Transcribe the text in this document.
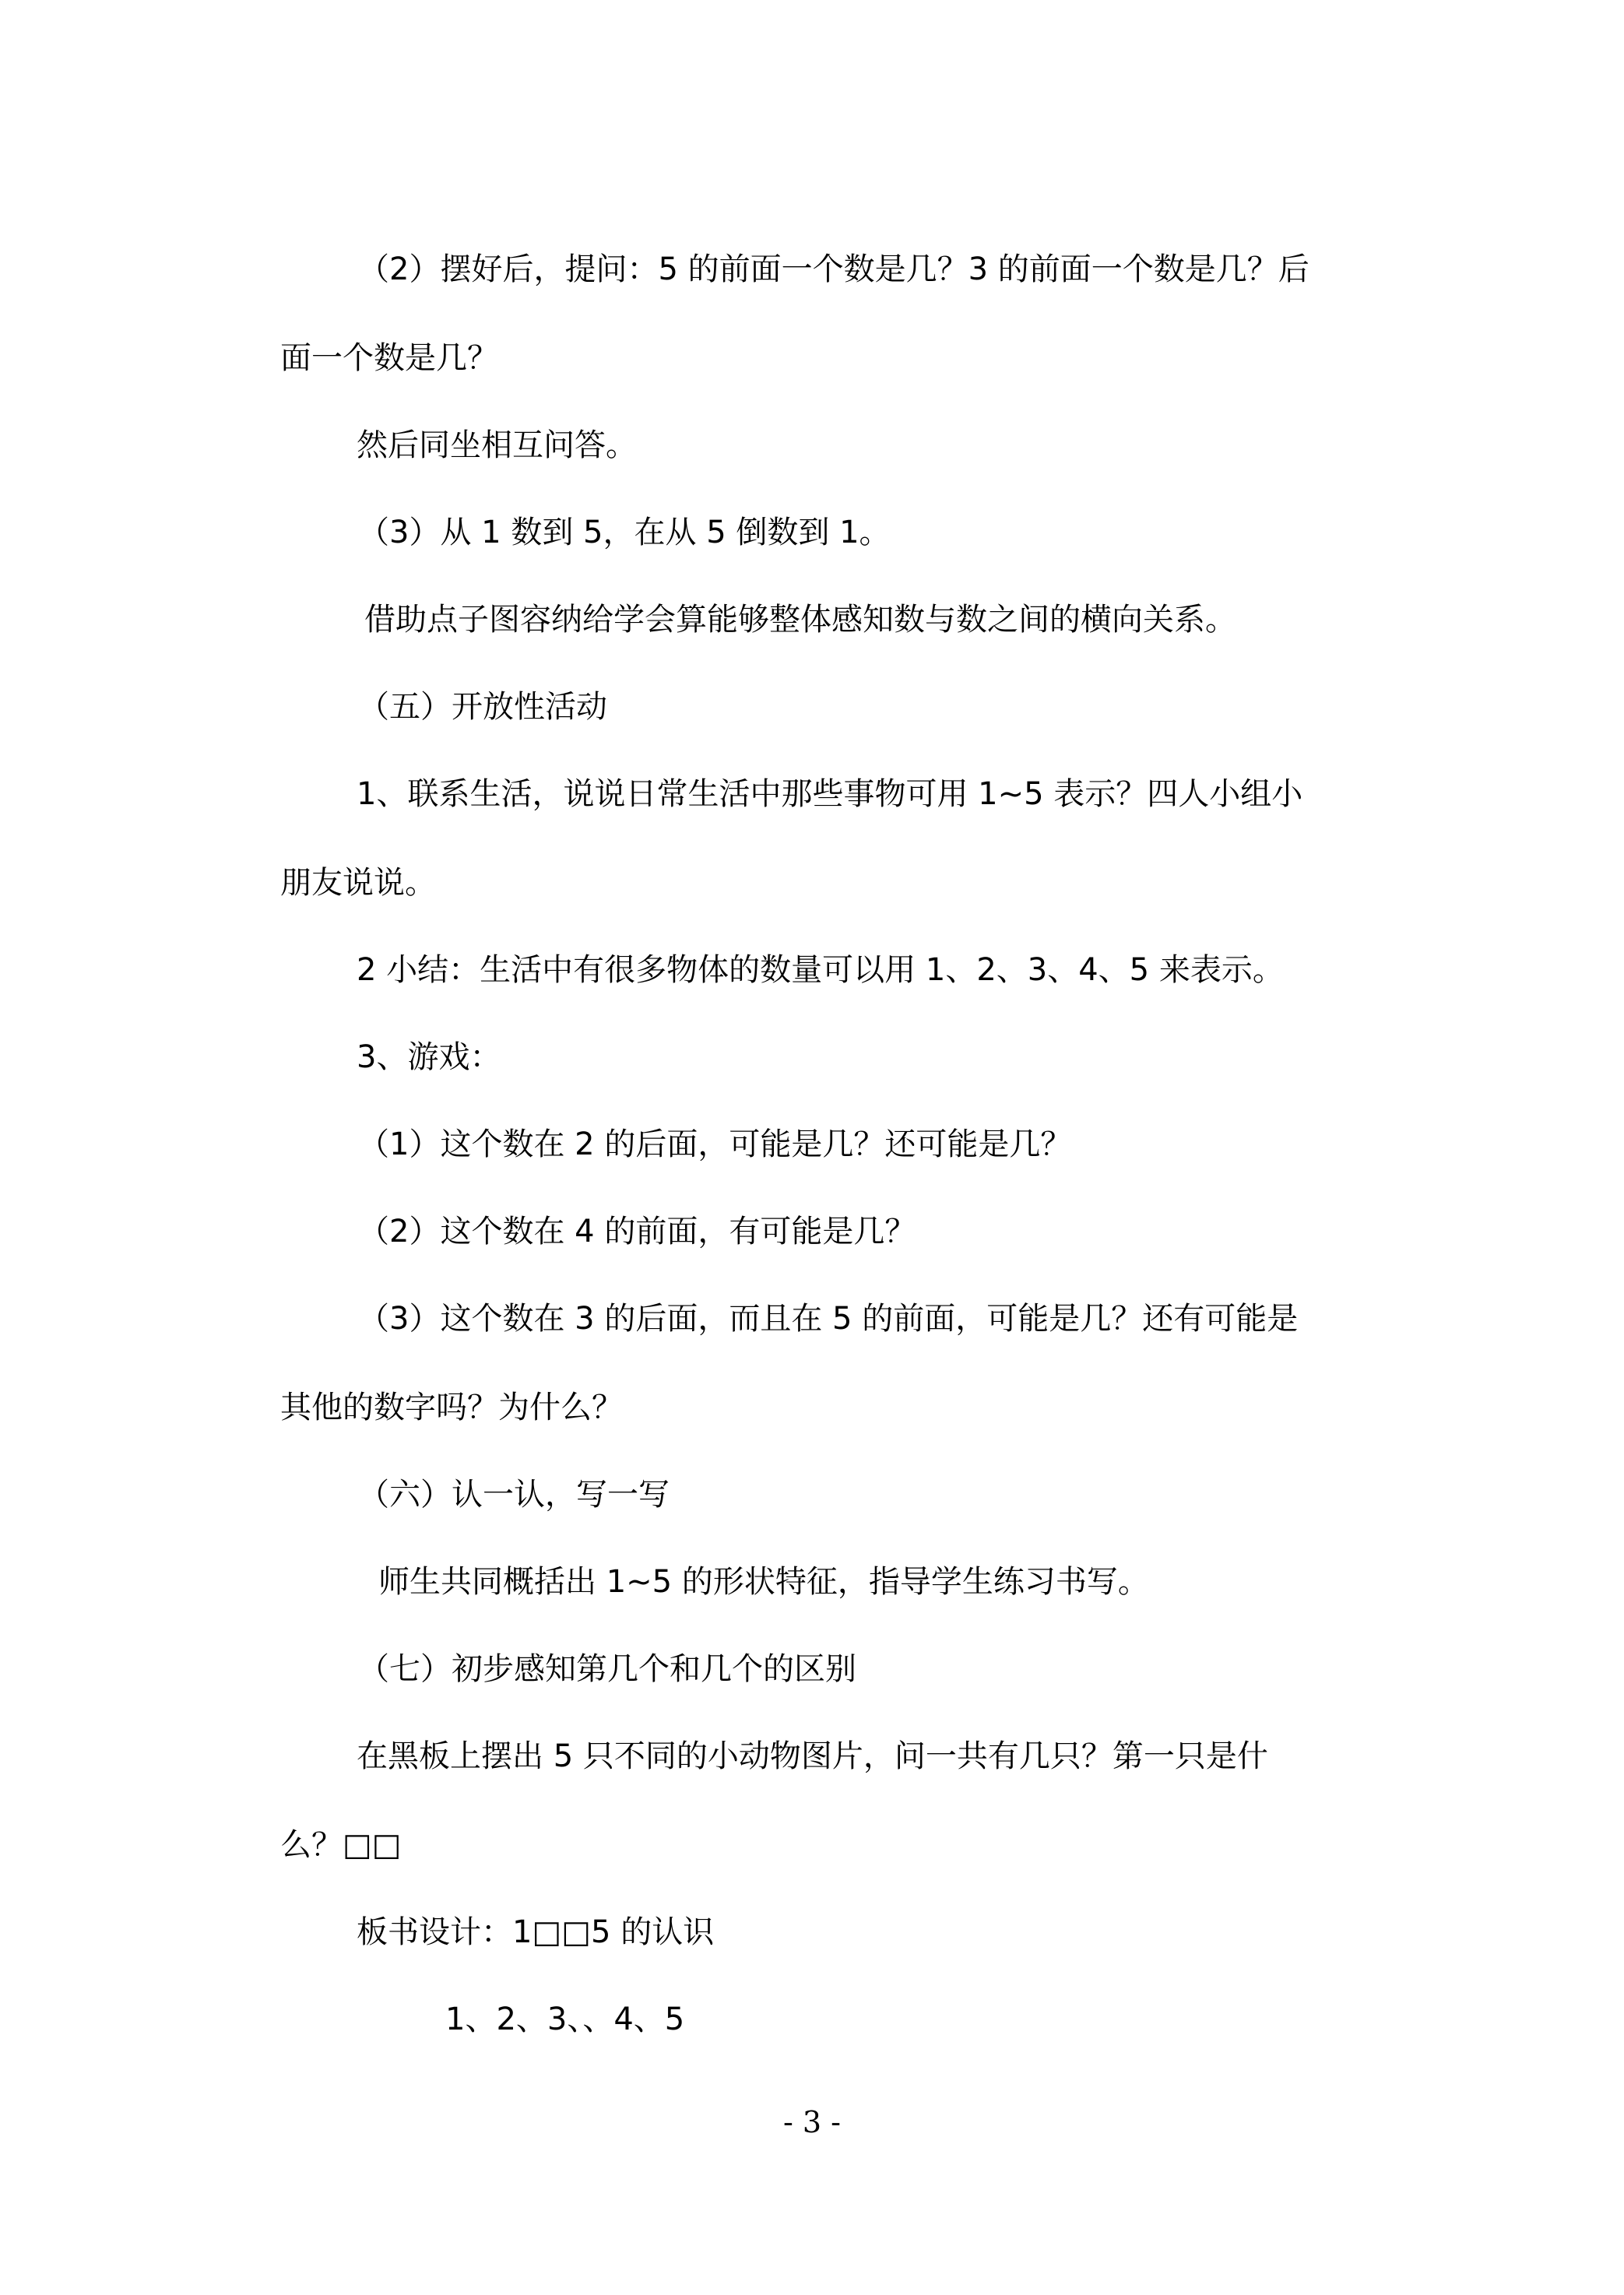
（2）摆好后，提问：5 的前面一个数是几？3 的前面一个数是几？后
面一个数是几？
然后同坐相互问答。
（3）从 1 数到 5，在从 5 倒数到 1。
借助点子图容纳给学会算能够整体感知数与数之间的横向关系。
（五）开放性活动
1、联系生活，说说日常生活中那些事物可用 1~5 表示？四人小组小
朋友说说。
2 小结：生活中有很多物体的数量可以用 1、2、3、4、5 来表示。
3、游戏：
（1）这个数在 2 的后面，可能是几？还可能是几？
（2）这个数在 4 的前面，有可能是几？
（3）这个数在 3 的后面，而且在 5 的前面，可能是几？还有可能是
其他的数字吗？为什么？
（六）认一认，写一写
师生共同概括出 1~5 的形状特征，指导学生练习书写。
（七）初步感知第几个和几个的区别
在黑板上摆出 5 只不同的小动物图片，问一共有几只？第一只是什
么？□□
板书设计：1□□5 的认识
1、2、3、、4、5
- 3 -
